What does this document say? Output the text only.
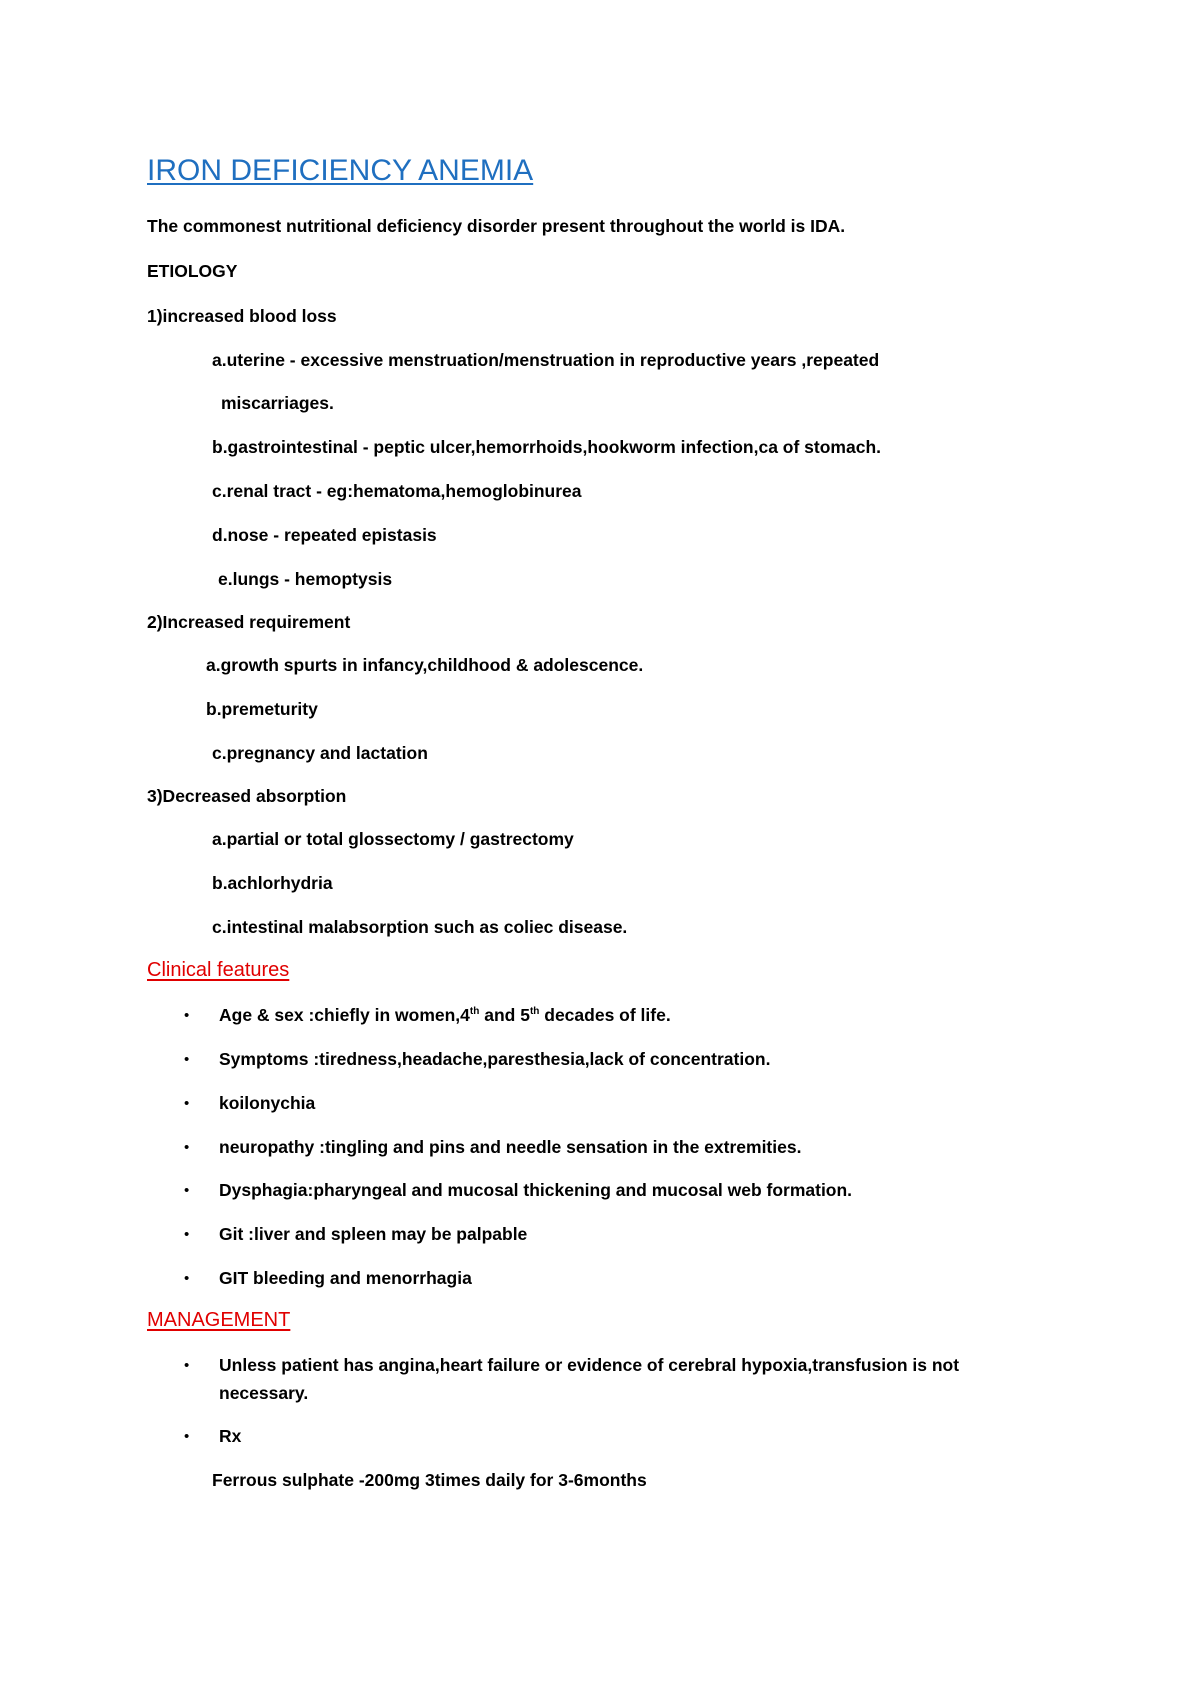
IRON DEFICIENCY ANEMIA
The commonest nutritional deficiency disorder present throughout the world is IDA.
ETIOLOGY
1)increased blood loss
a.uterine - excessive menstruation/menstruation in reproductive years ,repeated
miscarriages.
b.gastrointestinal - peptic ulcer,hemorrhoids,hookworm infection,ca of stomach.
c.renal tract - eg:hematoma,hemoglobinurea
d.nose - repeated epistasis
e.lungs - hemoptysis
2)Increased requirement
a.growth spurts in infancy,childhood & adolescence.
b.premeturity
c.pregnancy and lactation
3)Decreased absorption
a.partial or total glossectomy / gastrectomy
b.achlorhydria
c.intestinal malabsorption such as coliec disease.
Clinical features
• Age & sex :chiefly in women,4th and 5th decades of life.
• Symptoms :tiredness,headache,paresthesia,lack of concentration.
• koilonychia
• neuropathy :tingling and pins and needle sensation in the extremities.
• Dysphagia:pharyngeal and mucosal thickening and mucosal web formation.
• Git :liver and spleen may be palpable
• GIT bleeding and menorrhagia
MANAGEMENT
• Unless patient has angina,heart failure or evidence of cerebral hypoxia,transfusion is not
necessary.
• Rx
Ferrous sulphate -200mg 3times daily for 3-6months
